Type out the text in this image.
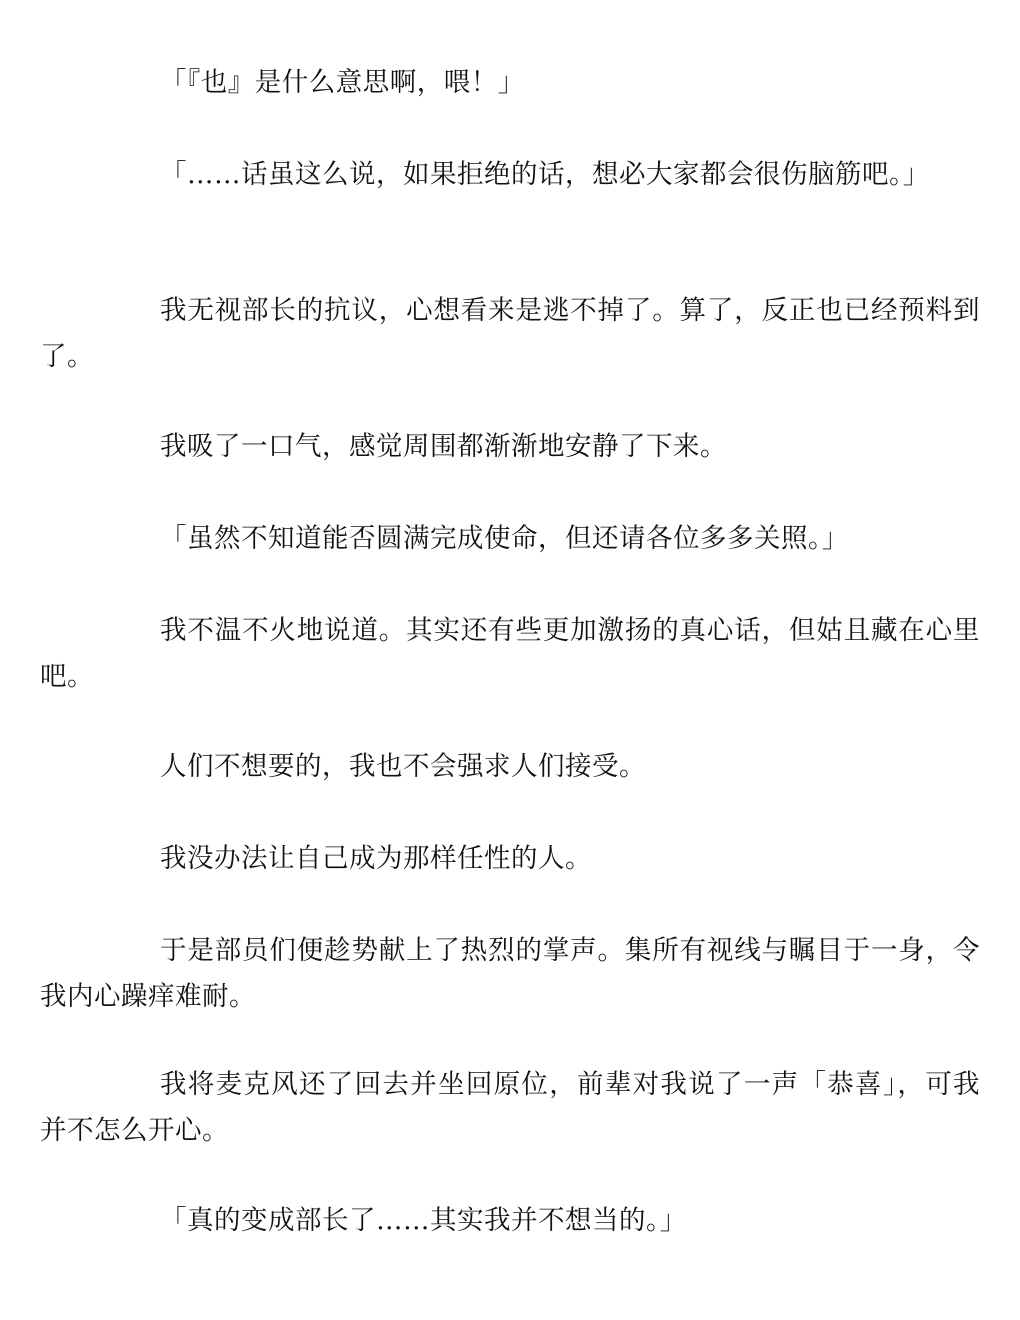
「『也』是什么意思啊，喂！」

「……话虽这么说，如果拒绝的话，想必大家都会很伤脑筋吧。」

我无视部长的抗议，心想看来是逃不掉了。算了，反正也已经预料到了。

我吸了一口气，感觉周围都渐渐地安静了下来。

「虽然不知道能否圆满完成使命，但还请各位多多关照。」

我不温不火地说道。其实还有些更加激扬的真心话，但姑且藏在心里吧。

人们不想要的，我也不会强求人们接受。

我没办法让自己成为那样任性的人。

于是部员们便趁势献上了热烈的掌声。集所有视线与瞩目于一身，令我内心躁痒难耐。

我将麦克风还了回去并坐回原位，前辈对我说了一声「恭喜」，可我并不怎么开心。

「真的变成部长了……其实我并不想当的。」
